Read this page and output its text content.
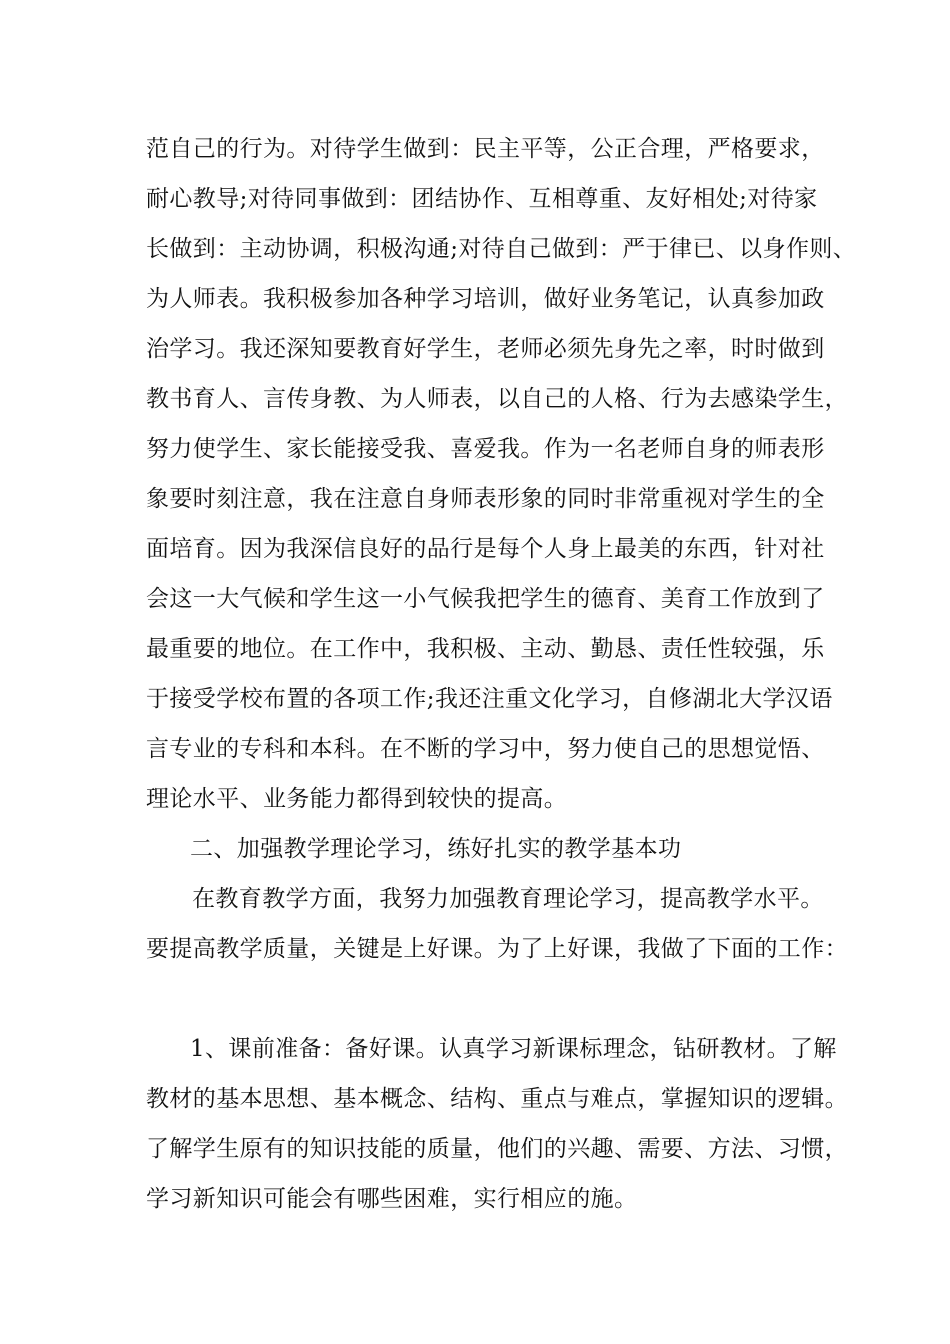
范自己的行为。对待学生做到：民主平等，公正合理，严格要求，
耐心教导;对待同事做到：团结协作、互相尊重、友好相处;对待家
长做到：主动协调，积极沟通;对待自己做到：严于律已、以身作则、
为人师表。我积极参加各种学习培训，做好业务笔记，认真参加政
治学习。我还深知要教育好学生，老师必须先身先之率，时时做到
教书育人、言传身教、为人师表，以自己的人格、行为去感染学生，
努力使学生、家长能接受我、喜爱我。作为一名老师自身的师表形
象要时刻注意，我在注意自身师表形象的同时非常重视对学生的全
面培育。因为我深信良好的品行是每个人身上最美的东西，针对社
会这一大气候和学生这一小气候我把学生的德育、美育工作放到了
最重要的地位。在工作中，我积极、主动、勤恳、责任性较强，乐
于接受学校布置的各项工作;我还注重文化学习，自修湖北大学汉语
言专业的专科和本科。在不断的学习中，努力使自己的思想觉悟、
理论水平、业务能力都得到较快的提高。
二、加强教学理论学习，练好扎实的教学基本功
在教育教学方面，我努力加强教育理论学习，提高教学水平。
要提高教学质量，关键是上好课。为了上好课，我做了下面的工作：
1、课前准备：备好课。认真学习新课标理念，钻研教材。了解
教材的基本思想、基本概念、结构、重点与难点，掌握知识的逻辑。
了解学生原有的知识技能的质量，他们的兴趣、需要、方法、习惯，
学习新知识可能会有哪些困难，实行相应的施。
